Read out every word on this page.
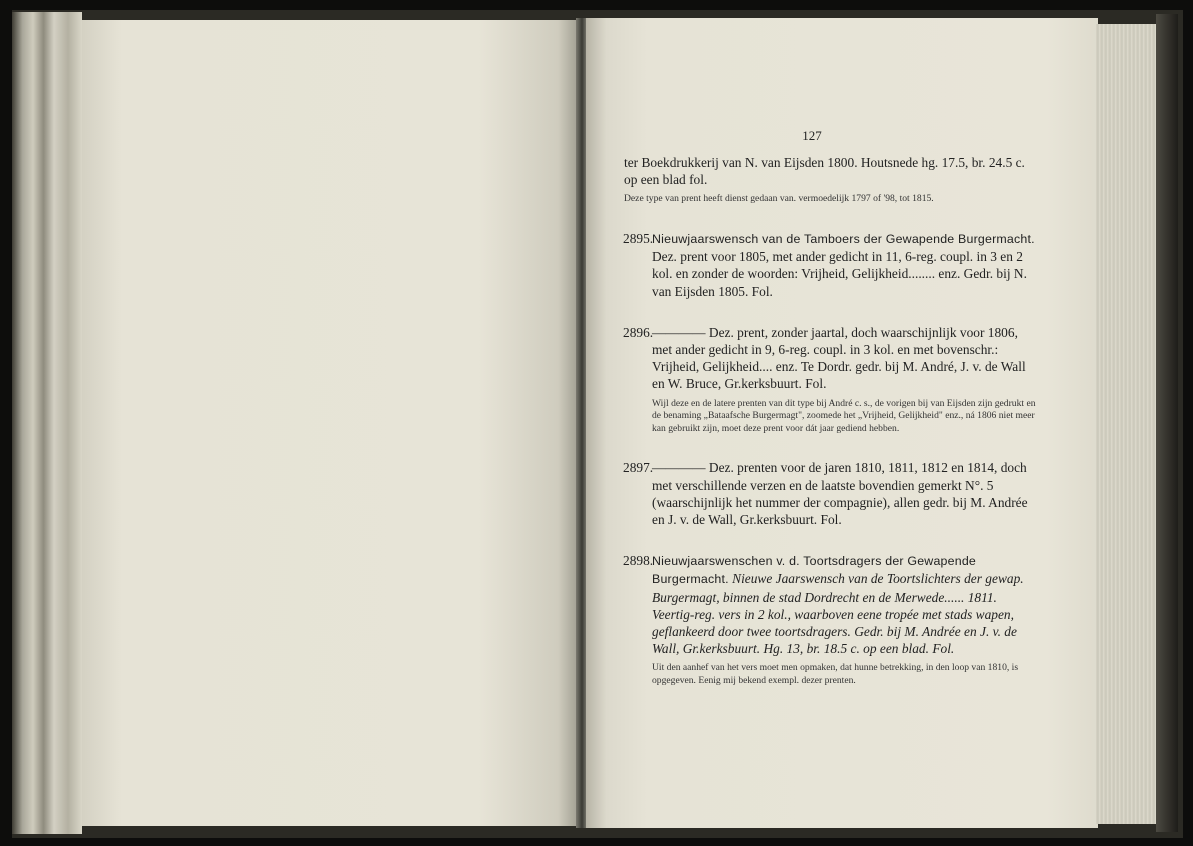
127

ter Boekdrukkerij van N. van Eijsden 1800. Houtsnede hg. 17.5, br. 24.5 c. op een blad fol.

Deze type van prent heeft dienst gedaan van. vermoedelijk 1797 of '98, tot 1815.

2895.
Nieuwjaarswensch van de Tamboers der Gewapende Burgermacht. Dez. prent voor 1805, met ander gedicht in 11, 6-reg. coupl. in 3 en 2 kol. en zonder de woorden: Vrijheid, Gelijkheid........ enz. Gedr. bij N. van Eijsden 1805. Fol.
2896.
———— Dez. prent, zonder jaartal, doch waarschijnlijk voor 1806, met ander gedicht in 9, 6-reg. coupl. in 3 kol. en met bovenschr.: Vrijheid, Gelijkheid.... enz. Te Dordr. gedr. bij M. André, J. v. de Wall en W. Bruce, Gr.kerksbuurt. Fol.

Wijl deze en de latere prenten van dit type bij André c. s., de vorigen bij van Eijsden zijn gedrukt en de benaming „Bataafsche Burgermagt", zoomede het „Vrijheid, Gelijkheid" enz., ná 1806 niet meer kan gebruikt zijn, moet deze prent voor dát jaar gediend hebben.

2897.
———— Dez. prenten voor de jaren 1810, 1811, 1812 en 1814, doch met verschillende verzen en de laatste bovendien gemerkt N°. 5 (waarschijnlijk het nummer der compagnie), allen gedr. bij M. Andrée en J. v. de Wall, Gr.kerksbuurt. Fol.
2898.
Nieuwjaarswenschen v. d. Toortsdragers der Gewapende Burgermacht. Nieuwe Jaarswensch van de Toortslichters der gewap. Burgermagt, binnen de stad Dordrecht en de Merwede...... 1811. Veertig-reg. vers in 2 kol., waarboven eene tropée met stads wapen, geflankeerd door twee toortsdragers. Gedr. bij M. Andrée en J. v. de Wall, Gr.kerksbuurt. Hg. 13, br. 18.5 c. op een blad. Fol.

Uit den aanhef van het vers moet men opmaken, dat hunne betrekking, in den loop van 1810, is opgegeven. Eenig mij bekend exempl. dezer prenten.
